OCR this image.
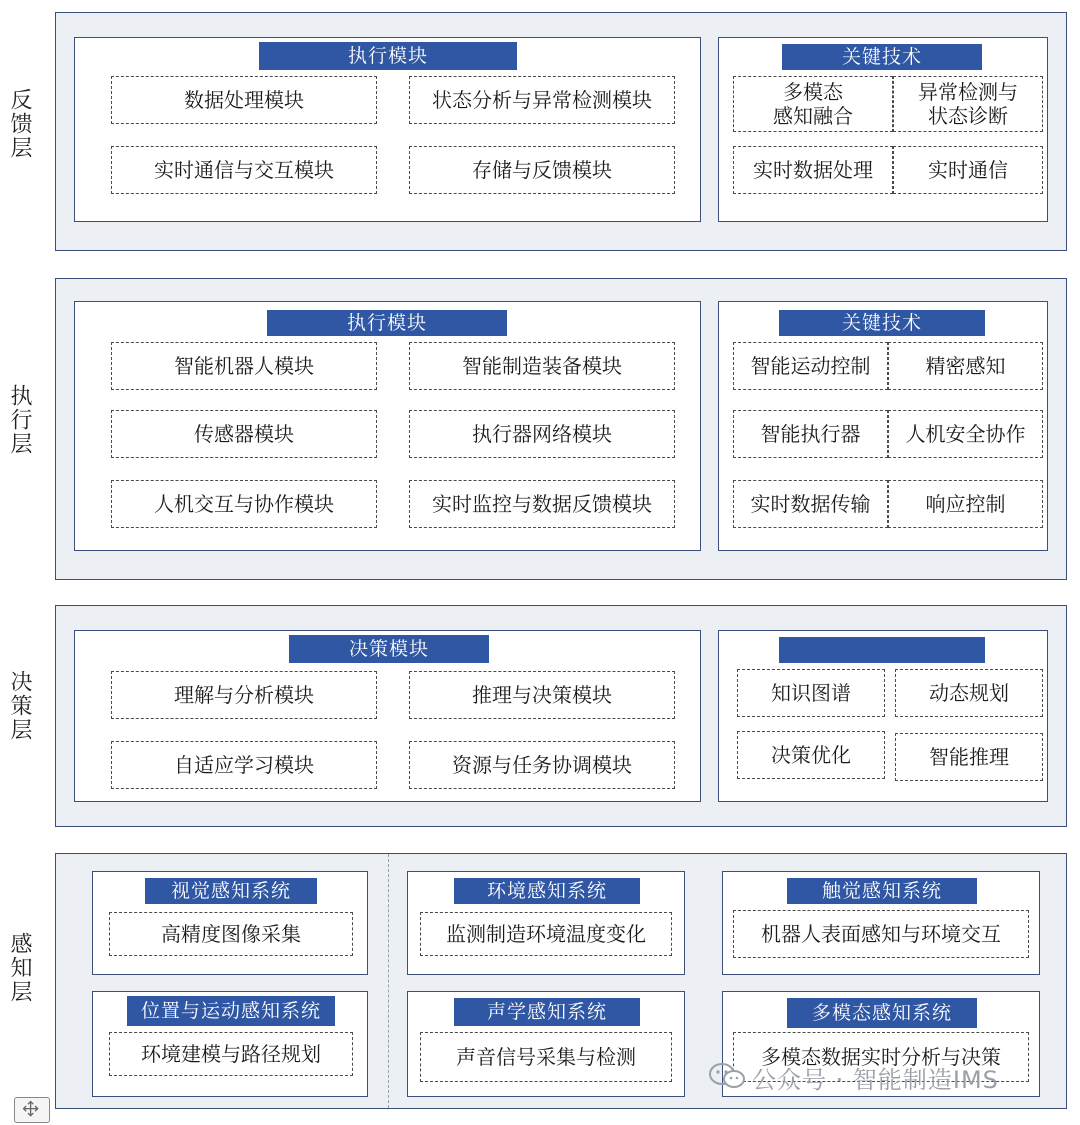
反馈层
执行模块
数据处理模块	状态分析与异常检测模块
实时通信与交互模块	存储与反馈模块
关键技术
多模态
感知融合
异常检测与
状态诊断
实时数据处理	实时通信
执行层
执行模块
智能机器人模块	智能制造装备模块
传感器模块	执行器网络模块
人机交互与协作模块	实时监控与数据反馈模块
关键技术
智能运动控制	精密感知
智能执行器	人机安全协作
实时数据传输	响应控制
决策层
决策模块
理解与分析模块	推理与决策模块
自适应学习模块	资源与任务协调模块
知识图谱	动态规划
决策优化	智能推理
感知层
视觉感知系统
高精度图像采集
环境感知系统
监测制造环境温度变化
触觉感知系统
机器人表面感知与环境交互
位置与运动感知系统
环境建模与路径规划
声学感知系统
声音信号采集与检测
多模态感知系统
多模态数据实时分析与决策
公众号 · 智能制造IMS
